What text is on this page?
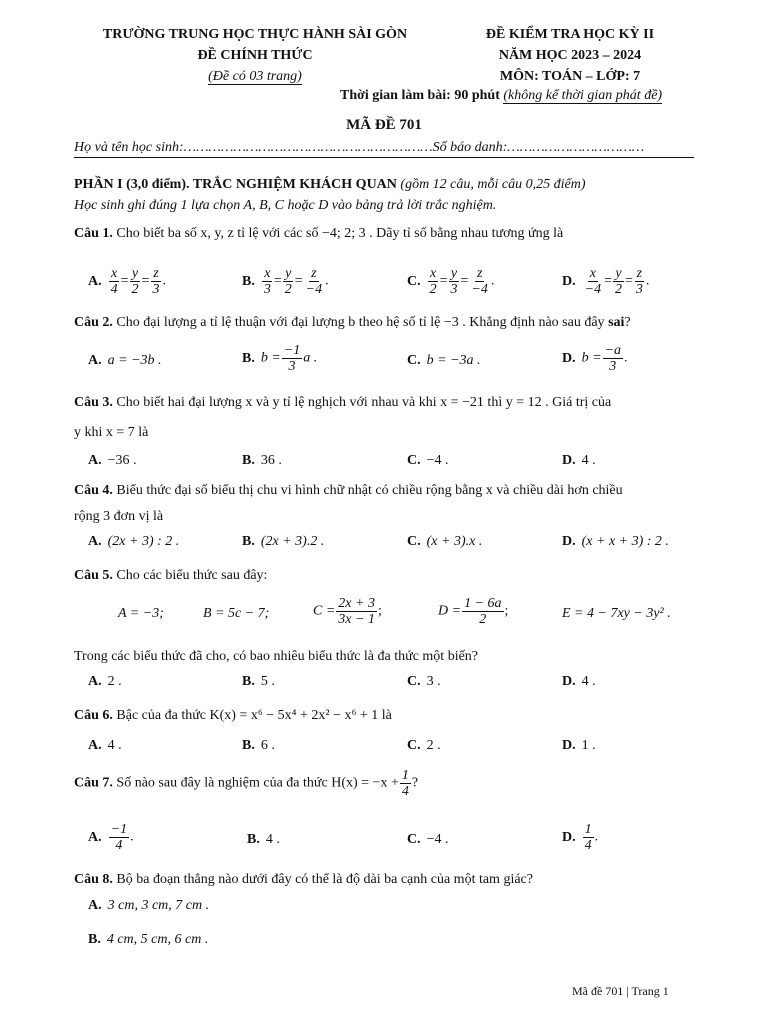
TRƯỜNG TRUNG HỌC THỰC HÀNH SÀI GÒN
ĐỀ CHÍNH THỨC
(Đề có 03 trang)
ĐỀ KIỂM TRA HỌC KỲ II
NĂM HỌC 2023 – 2024
MÔN: TOÁN – LỚP: 7
Thời gian làm bài: 90 phút (không kể thời gian phát đề)
MÃ ĐỀ 701
Họ và tên học sinh:……………………………………………………Số báo danh:……………………………
PHẦN I (3,0 điểm). TRẮC NGHIỆM KHÁCH QUAN (gồm 12 câu, mỗi câu 0,25 điểm)
Học sinh ghi đúng 1 lựa chọn A, B, C hoặc D vào bảng trả lời trắc nghiệm.
Câu 1. Cho biết ba số x, y, z tỉ lệ với các số −4; 2; 3 . Dãy tỉ số bằng nhau tương ứng là
A. $\frac{x}{4} = \frac{y}{2} = \frac{z}{3}$ .	B. $\frac{x}{3} = \frac{y}{2} = \frac{z}{-4}$ .	C. $\frac{x}{2} = \frac{y}{3} = \frac{z}{-4}$ .	D. $\frac{x}{-4} = \frac{y}{2} = \frac{z}{3}$ .
Câu 2. Cho đại lượng a tỉ lệ thuận với đại lượng b theo hệ số tỉ lệ −3 . Khẳng định nào sau đây sai?
A. a = −3b .	B. $b = \frac{-1}{3}$ a .	C. b = −3a .	D. $b = \frac{-a}{3}$ .
Câu 3. Cho biết hai đại lượng x và y tỉ lệ nghịch với nhau và khi x = −21 thì y = 12 . Giá trị của
y khi x = 7 là
A. −36 .	B. 36 .	C. −4 .	D. 4 .
Câu 4. Biểu thức đại số biểu thị chu vi hình chữ nhật có chiều rộng bằng x và chiều dài hơn chiều
rộng 3 đơn vị là
A. (2x + 3) : 2 .	B. (2x + 3).2 .	C. (x + 3).x .	D. (x + x + 3) : 2 .
Câu 5. Cho các biểu thức sau đây:
A = −3;	B = 5c − 7;	$C = \frac{2x + 3}{3x - 1}$ ;	$D = \frac{1 - 6a}{2}$ ;	E = 4 − 7xy − 3y² .
Trong các biểu thức đã cho, có bao nhiêu biểu thức là đa thức một biến?
A. 2 .	B. 5 .	C. 3 .	D. 4 .
Câu 6. Bậc của đa thức K(x) = x⁶ − 5x⁴ + 2x² − x⁶ + 1 là
A. 4 .	B. 6 .	C. 2 .	D. 1 .
Câu 7. Số nào sau đây là nghiệm của đa thức $H(x) = -x + \frac{1}{4}$ ?
A. $\frac{-1}{4}$ .	B. 4 .	C. −4 .	D. $\frac{1}{4}$ .
Câu 8. Bộ ba đoạn thẳng nào dưới đây có thể là độ dài ba cạnh của một tam giác?
A. 3 cm, 3 cm, 7 cm .
B. 4 cm, 5 cm, 6 cm .
Mã đề 701 | Trang 1
